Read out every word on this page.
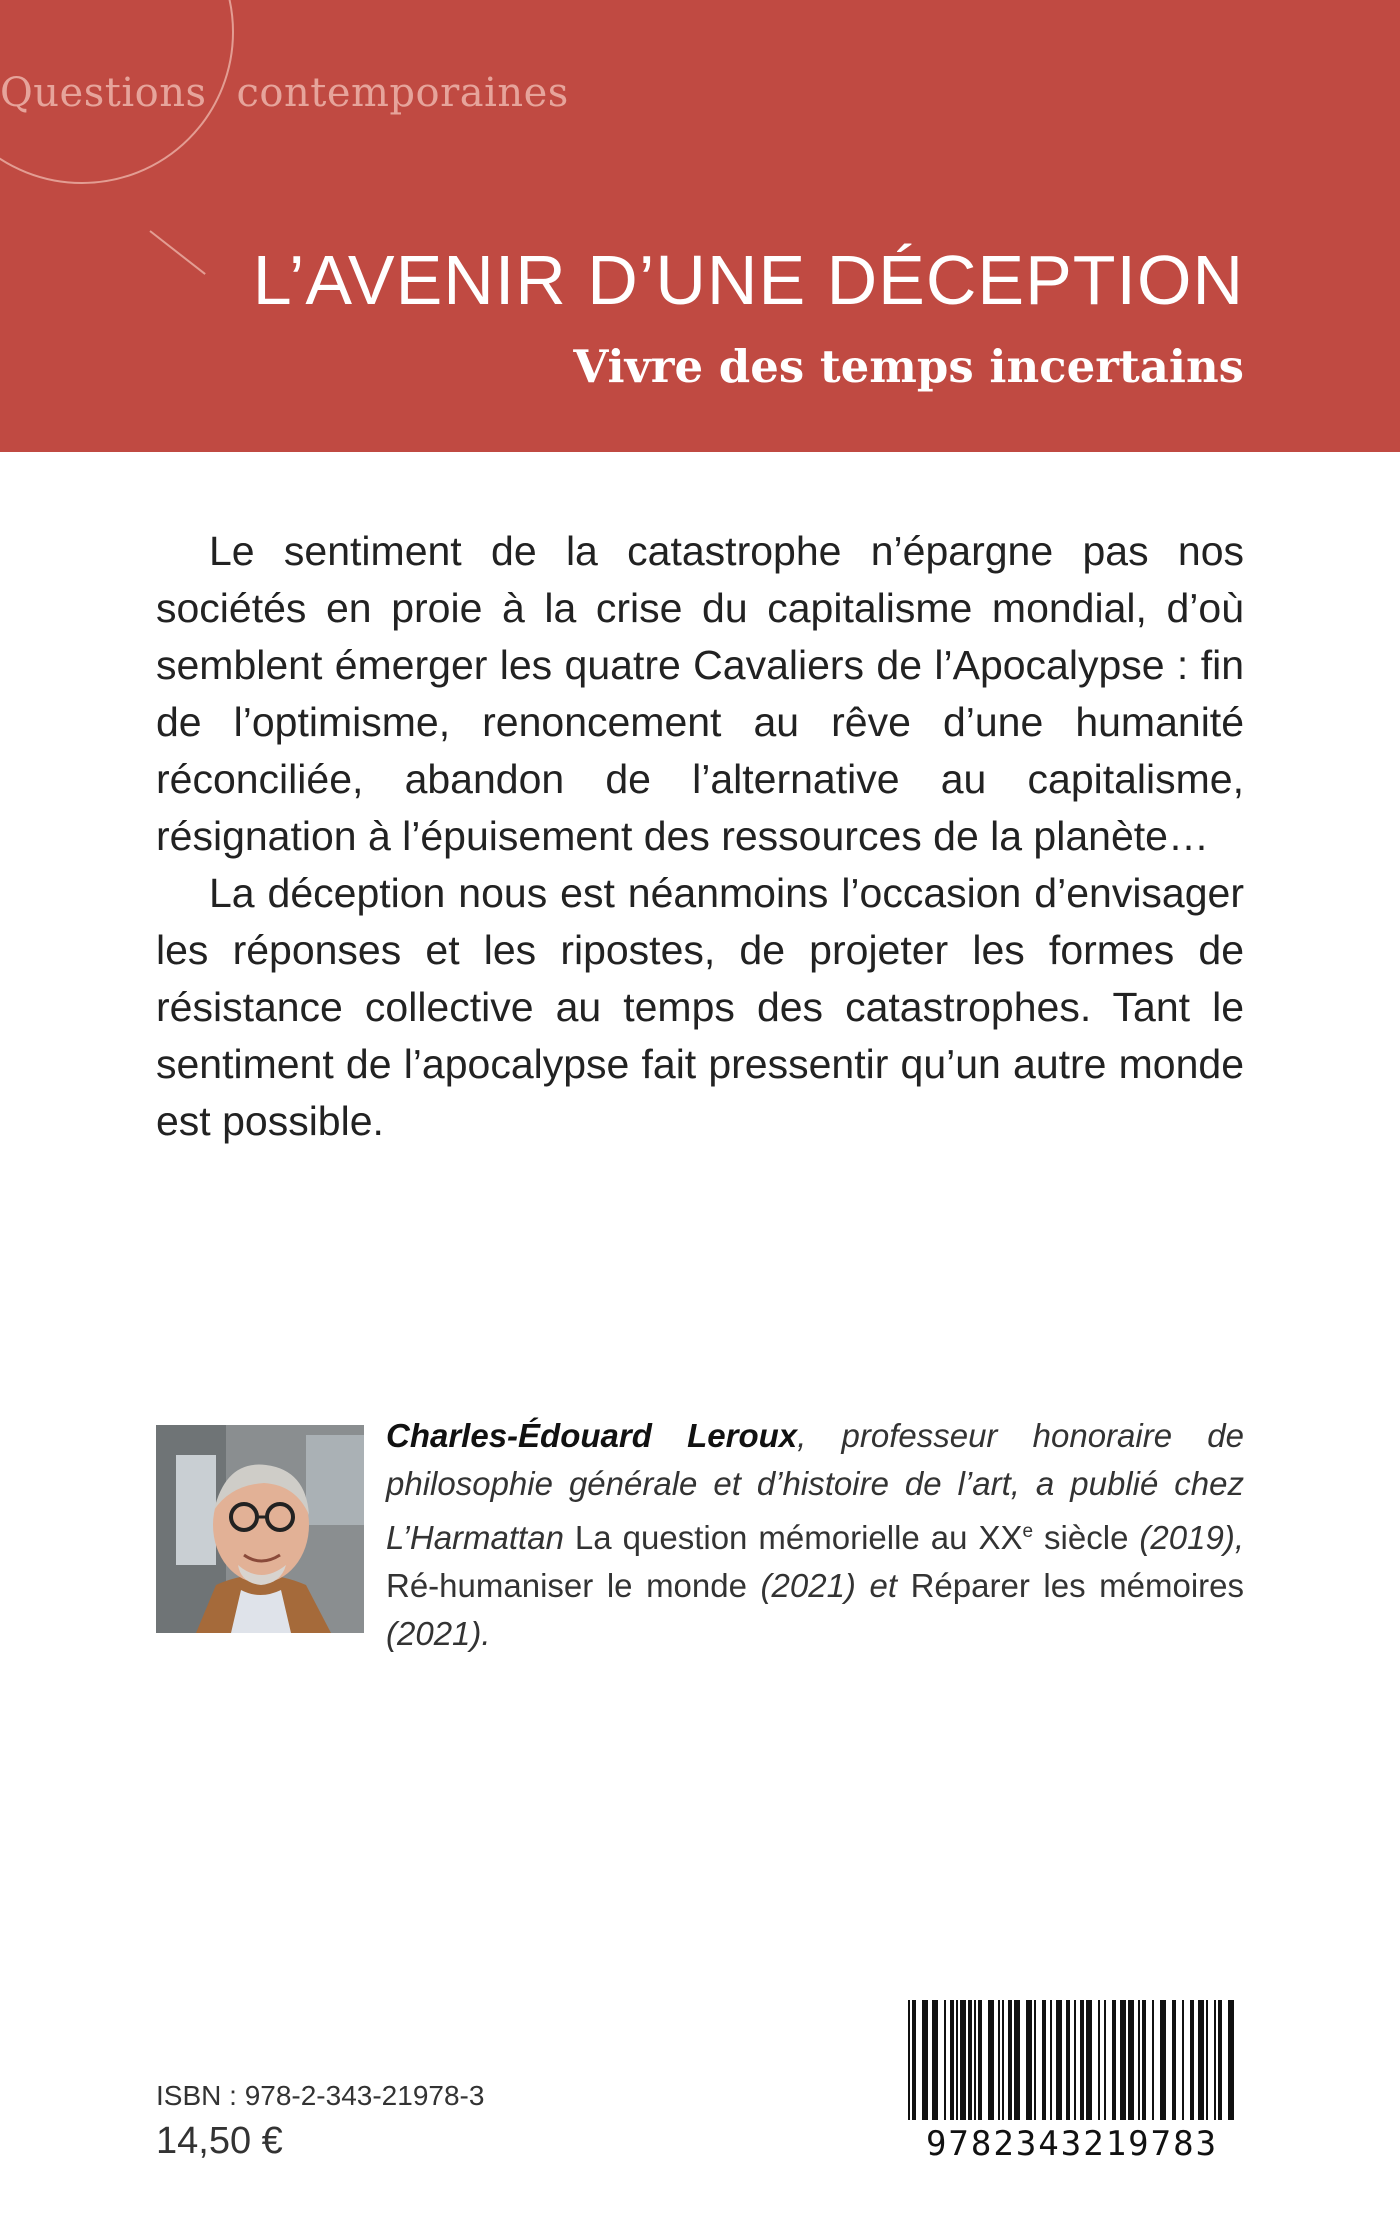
Questions contemporaines
L’AVENIR D’UNE DÉCEPTION
Vivre des temps incertains

Le sentiment de la catastrophe n’épargne pas nos sociétés en proie à la crise du capitalisme mondial, d’où semblent émerger les quatre Cavaliers de l’Apocalypse : fin de l’optimisme, renoncement au rêve d’une humanité réconciliée, abandon de l’alternative au capitalisme, résignation à l’épuisement des ressources de la planète…

La déception nous est néanmoins l’occasion d’envisager les réponses et les ripostes, de projeter les formes de résistance collective au temps des catastrophes. Tant le sentiment de l’apocalypse fait pressentir qu’un autre monde est possible.

Charles-Édouard Leroux, professeur honoraire de philosophie générale et d’histoire de l’art, a publié chez L’Harmattan La question mémorielle au XXe siècle (2019), Ré-humaniser le monde (2021) et Réparer les mémoires (2021).
ISBN : 978-2-343-21978-3
14,50 €	9782343219783
